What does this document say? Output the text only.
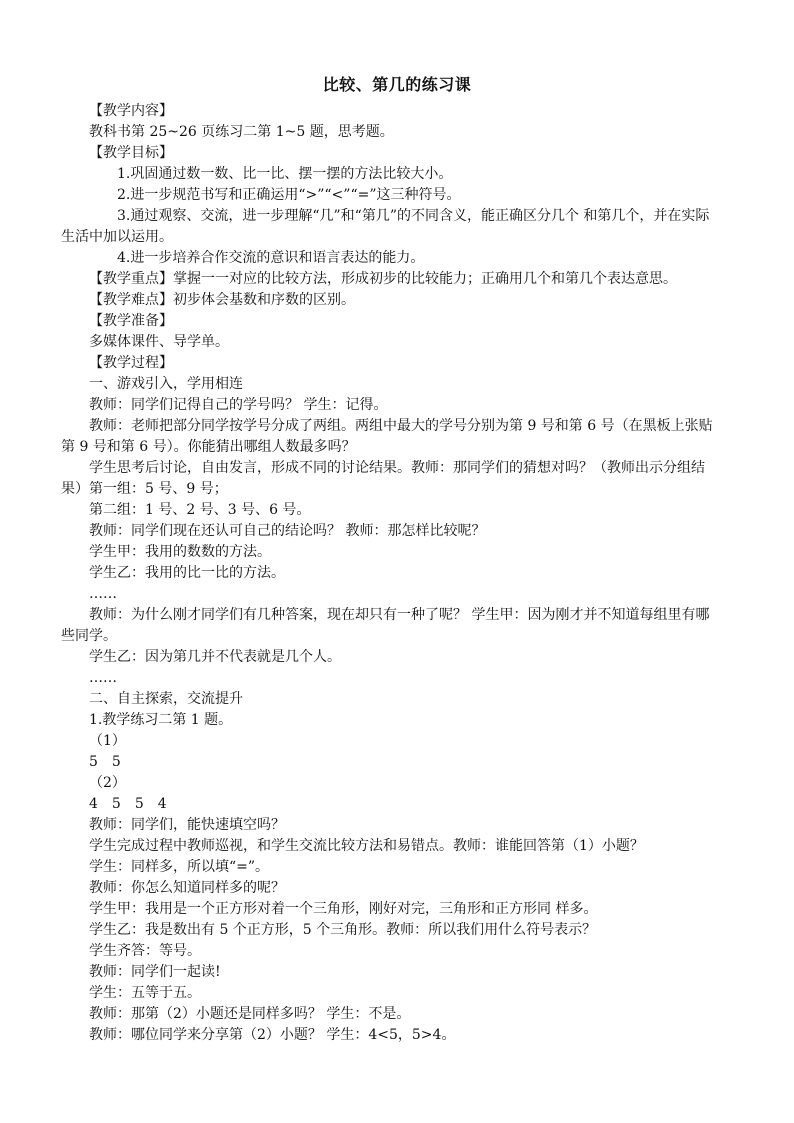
比较、第几的练习课
【教学内容】
教科书第 25~26 页练习二第 1~5 题，思考题。
【教学目标】
1.巩固通过数一数、比一比、摆一摆的方法比较大小。
2.进一步规范书写和正确运用“>”“<”“=”这三种符号。
3.通过观察、交流，进一步理解“几”和“第几”的不同含义，能正确区分几个 和第几个，并在实际生活中加以运用。
4.进一步培养合作交流的意识和语言表达的能力。
【教学重点】掌握一一对应的比较方法，形成初步的比较能力；正确用几个和第几个表达意思。
【教学难点】初步体会基数和序数的区别。
【教学准备】
多媒体课件、导学单。
【教学过程】
一、游戏引入，学用相连
教师：同学们记得自己的学号吗？ 学生：记得。
教师：老师把部分同学按学号分成了两组。两组中最大的学号分别为第 9 号和第 6 号（在黑板上张贴第 9 号和第 6 号）。你能猜出哪组人数最多吗？
学生思考后讨论，自由发言，形成不同的讨论结果。教师：那同学们的猜想对吗？（教师出示分组结果）第一组：5 号、9 号；
第二组：1 号、2 号、3 号、6 号。
教师：同学们现在还认可自己的结论吗？ 教师：那怎样比较呢？
学生甲：我用的数数的方法。
学生乙：我用的比一比的方法。
……
教师：为什么刚才同学们有几种答案，现在却只有一种了呢？ 学生甲：因为刚才并不知道每组里有哪些同学。
学生乙：因为第几并不代表就是几个人。
……
二、自主探索，交流提升
1.教学练习二第 1 题。
（1）
5　5
（2）
4　5　5　4
教师：同学们，能快速填空吗？
学生完成过程中教师巡视，和学生交流比较方法和易错点。教师：谁能回答第（1）小题？
学生：同样多，所以填“=”。
教师：你怎么知道同样多的呢？
学生甲：我用是一个正方形对着一个三角形，刚好对完，三角形和正方形同 样多。
学生乙：我是数出有 5 个正方形，5 个三角形。教师：所以我们用什么符号表示？
学生齐答：等号。
教师：同学们一起读!
学生：五等于五。
教师：那第（2）小题还是同样多吗？ 学生：不是。
教师：哪位同学来分享第（2）小题？ 学生：4<5，5>4。
